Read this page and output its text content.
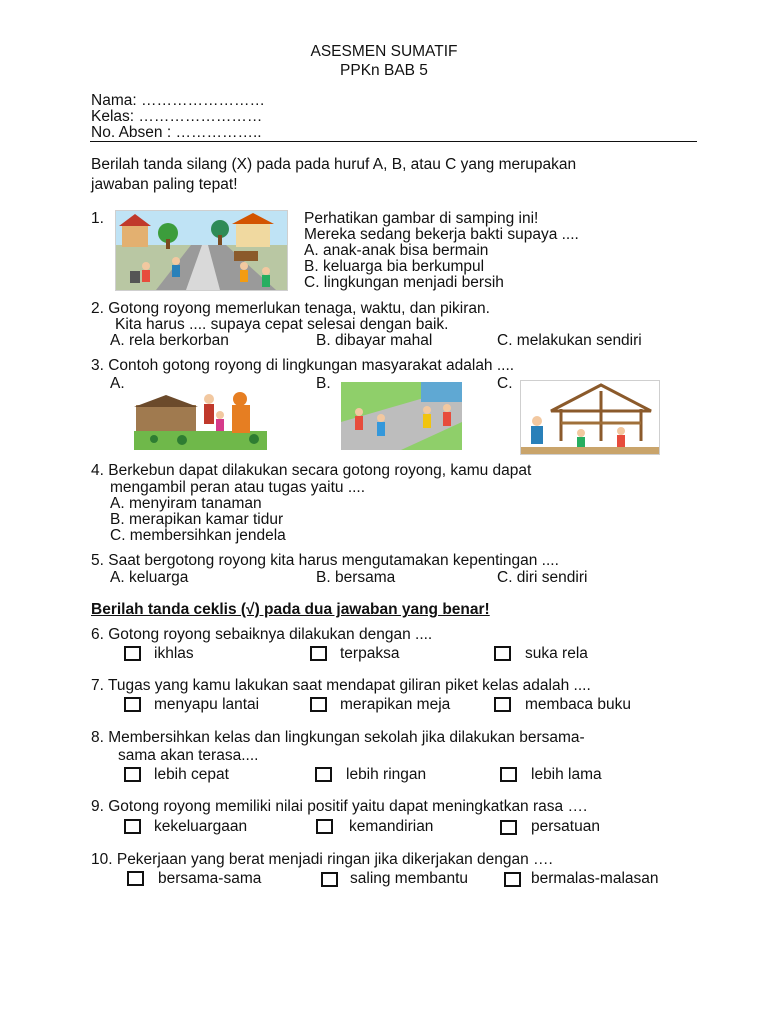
ASESMEN SUMATIF
PPKn BAB 5
Nama: ……………………
Kelas: ……………………
No. Absen : ……………..
Berilah tanda silang (X) pada pada huruf A, B, atau C yang merupakan
jawaban paling tepat!
1.	Perhatikan gambar di samping ini!
Mereka sedang bekerja bakti supaya ....
A. anak-anak bisa bermain
B. keluarga bia berkumpul
C. lingkungan menjadi bersih
2. Gotong royong memerlukan tenaga, waktu, dan pikiran.
Kita harus .... supaya cepat selesai dengan baik.
A. rela berkorban	B. dibayar mahal	C. melakukan sendiri
3. Contoh gotong royong di lingkungan masyarakat adalah ....
A.	B.	C.
4. Berkebun dapat dilakukan secara gotong royong, kamu dapat
mengambil peran atau tugas yaitu ....
A. menyiram tanaman
B. merapikan kamar tidur
C. membersihkan jendela
5. Saat bergotong royong kita harus mengutamakan kepentingan ....
A. keluarga	B. bersama	C. diri sendiri
Berilah tanda ceklis (√) pada dua jawaban yang benar!
6. Gotong royong sebaiknya dilakukan dengan ....
ikhlas	terpaksa	suka rela
7. Tugas yang kamu lakukan saat mendapat giliran piket kelas adalah ....
menyapu lantai	merapikan meja	membaca buku
8. Membersihkan kelas dan lingkungan sekolah jika dilakukan bersama-
sama akan terasa....
lebih cepat	lebih ringan	lebih lama
9. Gotong royong memiliki nilai positif yaitu dapat meningkatkan rasa ….
kekeluargaan	kemandirian	persatuan
10. Pekerjaan yang berat menjadi ringan jika dikerjakan dengan ….
bersama-sama	saling membantu	bermalas-malasan
